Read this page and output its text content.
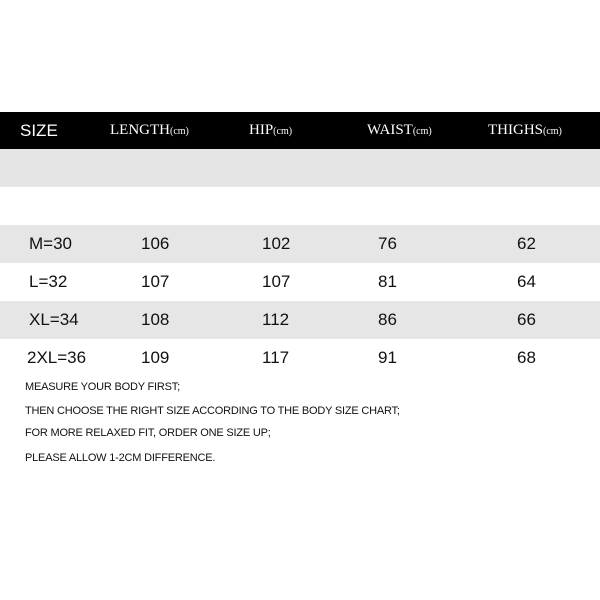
SIZE	LENGTH(cm)	HIP(cm)	WAIST(cm)	THIGHS(cm)
M=30	106	102	76	62
L=32	107	107	81	64
XL=34	108	112	86	66
2XL=36	109	117	91	68
MEASURE YOUR BODY FIRST;
THEN CHOOSE THE RIGHT SIZE ACCORDING TO THE BODY SIZE CHART;
FOR MORE RELAXED FIT, ORDER ONE SIZE UP;
PLEASE ALLOW 1-2CM DIFFERENCE.
